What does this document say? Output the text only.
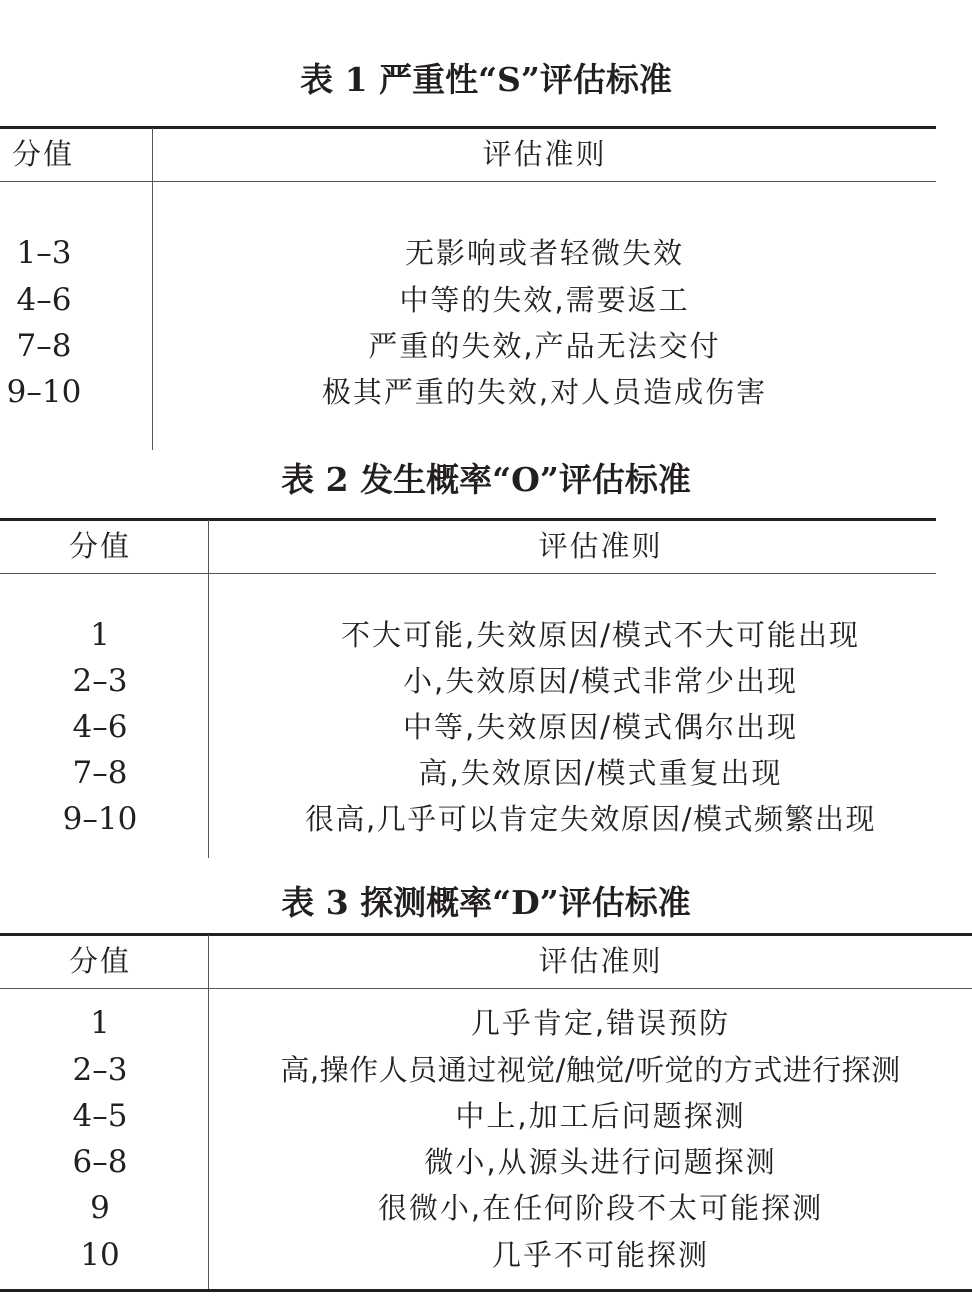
表 1 严重性“S”评估标准
分值	评估准则
1–3	无影响或者轻微失效
4–6	中等的失效,需要返工
7–8	严重的失效,产品无法交付
9–10	极其严重的失效,对人员造成伤害
表 2 发生概率“O”评估标准
分值	评估准则
1	不大可能,失效原因/模式不大可能出现
2–3	小,失效原因/模式非常少出现
4–6	中等,失效原因/模式偶尔出现
7–8	高,失效原因/模式重复出现
9–10	很高,几乎可以肯定失效原因/模式频繁出现
表 3 探测概率“D”评估标准
分值	评估准则
1	几乎肯定,错误预防
2–3	高,操作人员通过视觉/触觉/听觉的方式进行探测
4–5	中上,加工后问题探测
6–8	微小,从源头进行问题探测
9	很微小,在任何阶段不太可能探测
10	几乎不可能探测
